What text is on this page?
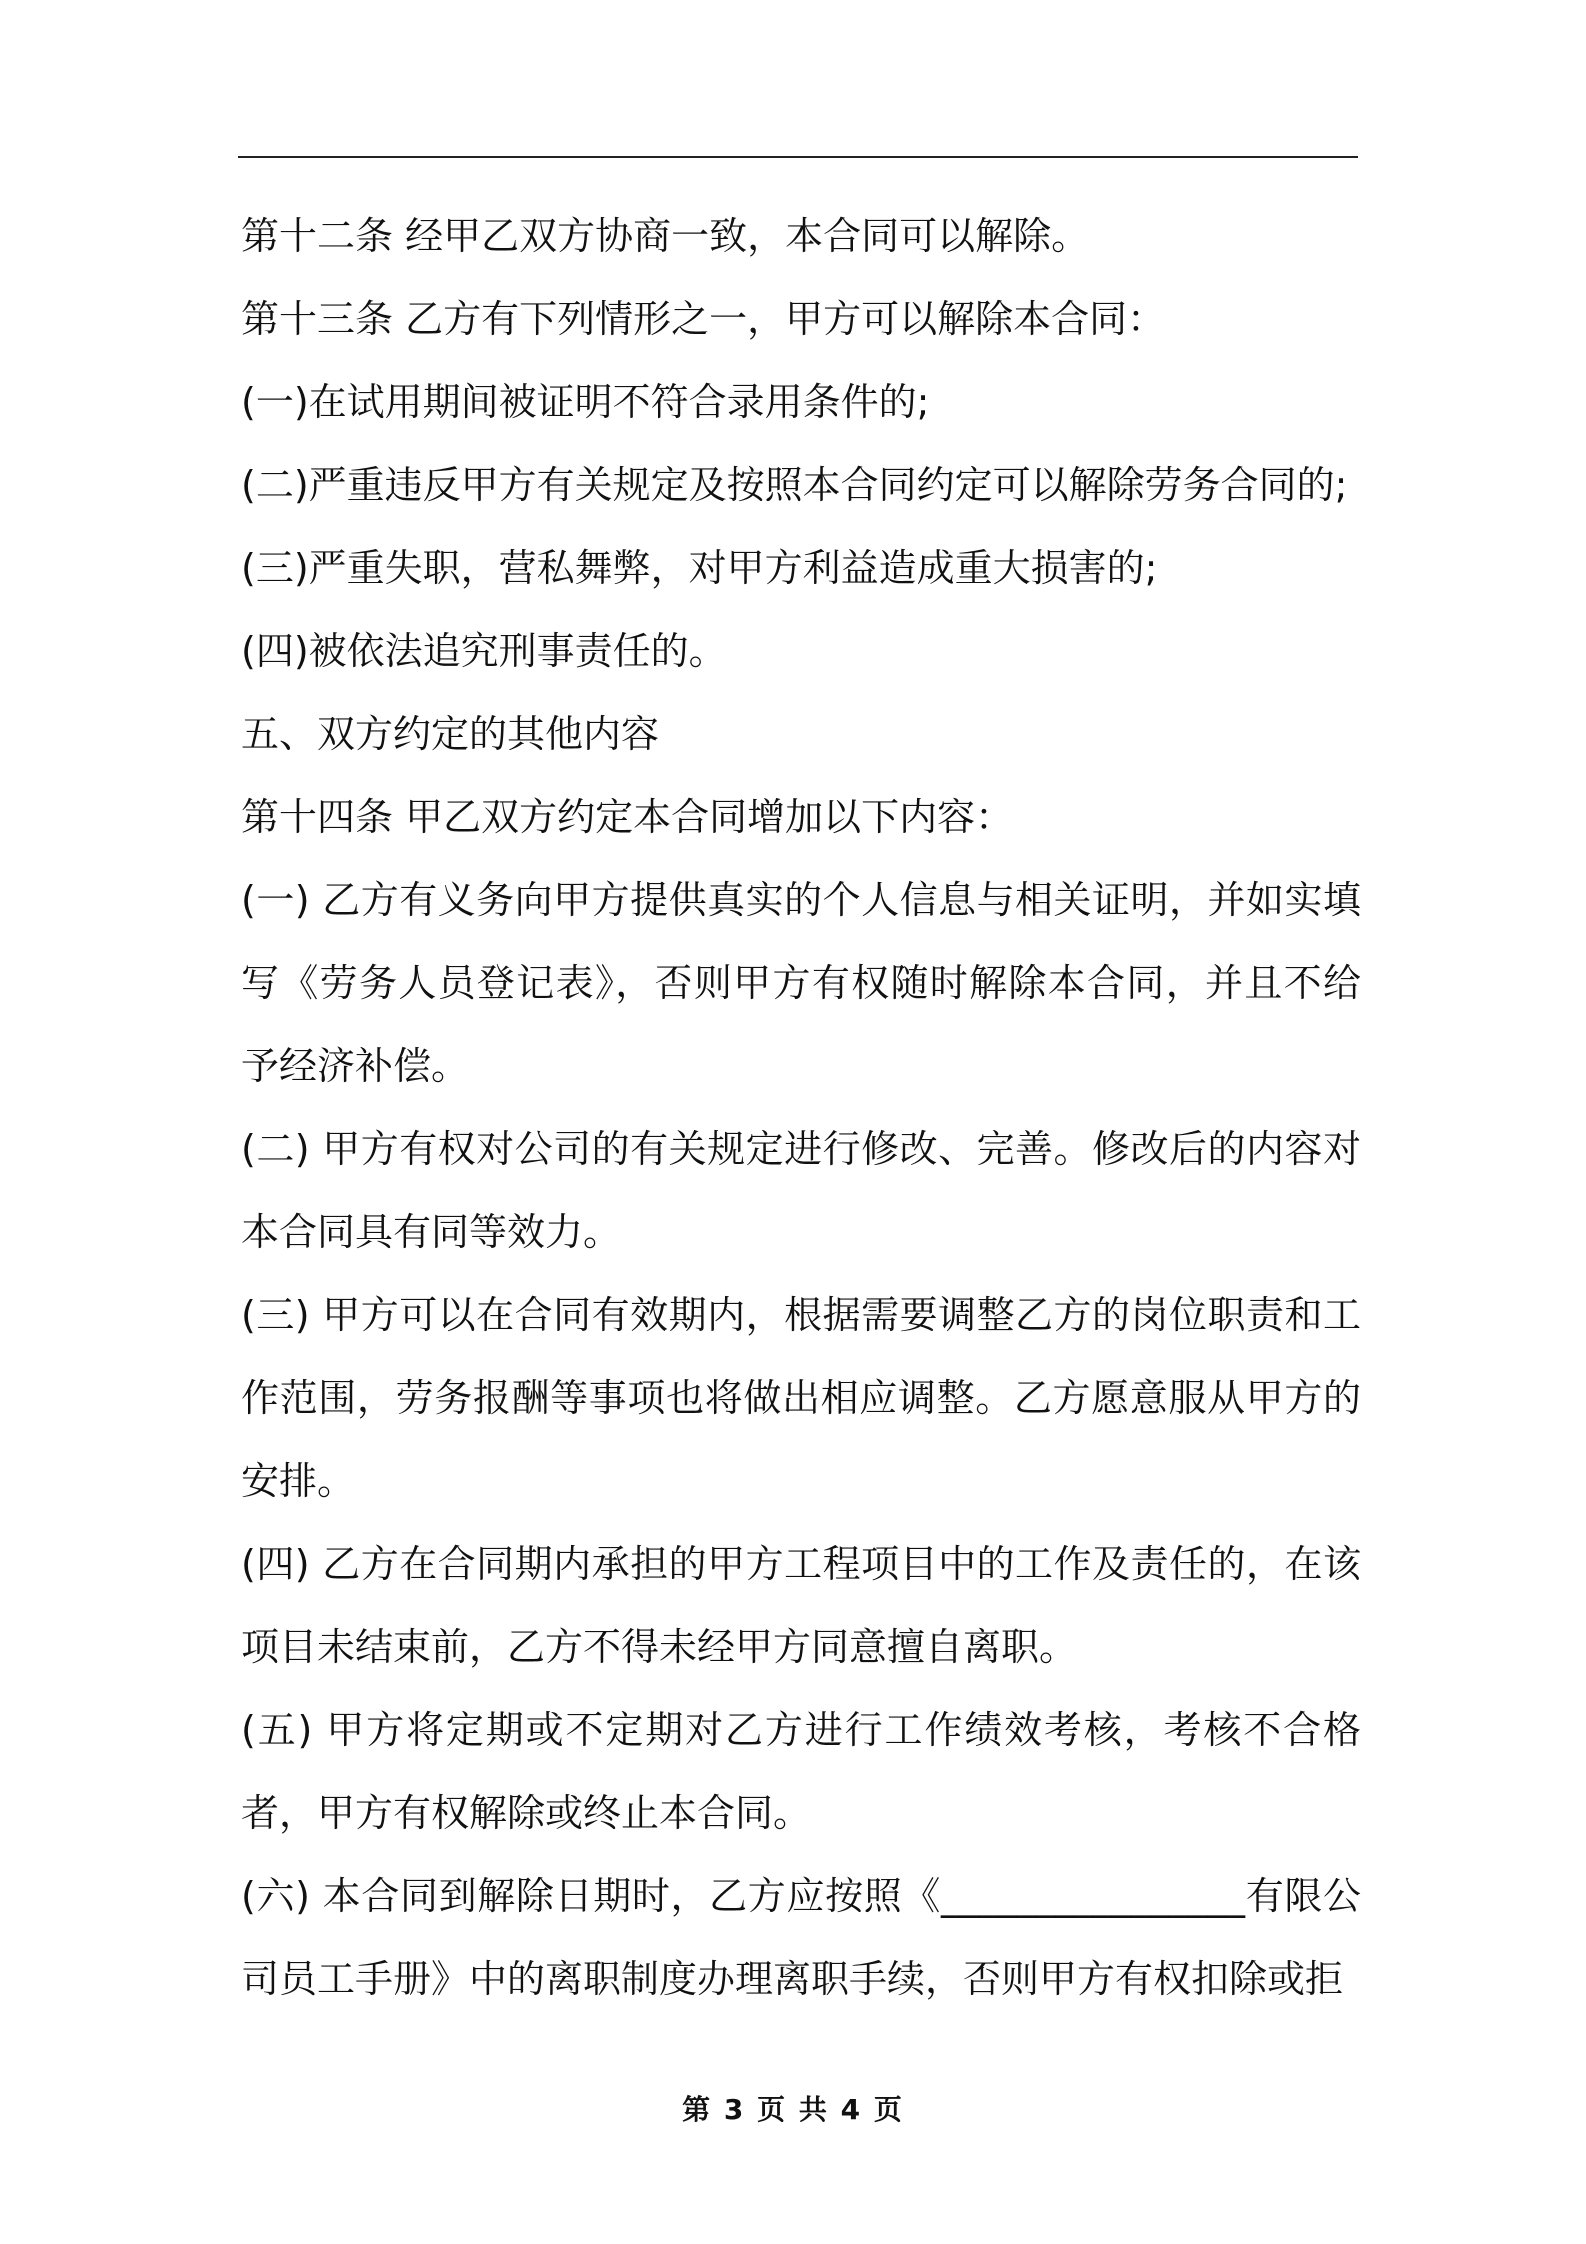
第十二条 经甲乙双方协商一致，本合同可以解除。

第十三条 乙方有下列情形之一，甲方可以解除本合同：

(一)在试用期间被证明不符合录用条件的;

(二)严重违反甲方有关规定及按照本合同约定可以解除劳务合同的;

(三)严重失职，营私舞弊，对甲方利益造成重大损害的;

(四)被依法追究刑事责任的。

五、双方约定的其他内容

第十四条 甲乙双方约定本合同增加以下内容：

(一) 乙方有义务向甲方提供真实的个人信息与相关证明，并如实填写《劳务人员登记表》，否则甲方有权随时解除本合同，并且不给予经济补偿。

(二) 甲方有权对公司的有关规定进行修改、完善。修改后的内容对本合同具有同等效力。

(三) 甲方可以在合同有效期内，根据需要调整乙方的岗位职责和工作范围，劳务报酬等事项也将做出相应调整。乙方愿意服从甲方的安排。

(四) 乙方在合同期内承担的甲方工程项目中的工作及责任的，在该项目未结束前，乙方不得未经甲方同意擅自离职。

(五) 甲方将定期或不定期对乙方进行工作绩效考核，考核不合格者，甲方有权解除或终止本合同。

(六) 本合同到解除日期时，乙方应按照《________________有限公司员工手册》中的离职制度办理离职手续，否则甲方有权扣除或拒

第 3 页 共 4 页
